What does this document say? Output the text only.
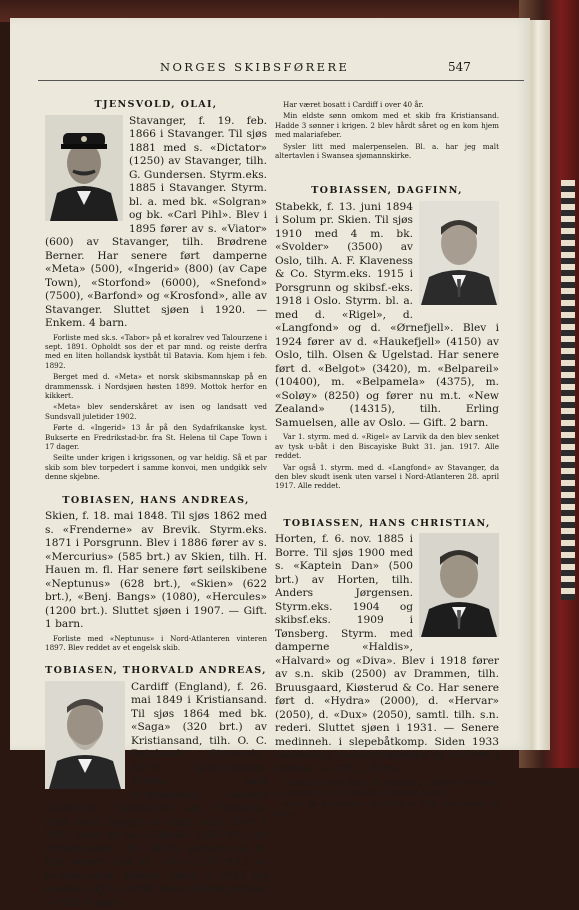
NORGES SKIBSFØRERE	547
TJENSVOLD, OLAI,

Stavanger, f. 19. feb. 1866 i Stavanger. Til sjøs 1881 med s. «Dictator» (1250) av Stavanger, tilh. G. Gundersen. Styrm.eks. 1885 i Stavanger. Styrm. bl. a. med bk. «Solgran» og bk. «Carl Pihl». Blev i 1895 fører av s. «Viator» (600) av Stavanger, tilh. Brødrene Berner. Har senere ført damperne «Meta» (500), «Ingerid» (800) (av Cape Town), «Storfond» (6000), «Snefond» (7500), «Barfond» og «Krosfond», alle av Stavanger. Sluttet sjøen i 1920. — Enkem. 4 barn.

Forliste med sk.s. «Tabor» på et koralrev ved Talourzene i sept. 1891. Opholdt sos der et par mnd. og reiste derfra med en liten hollandsk kystbåt til Batavia. Kom hjem i feb. 1892.

Berget med d. «Meta» et norsk skibsmannskap på en drammenssk. i Nordsjøen høsten 1899. Mottok herfor en kikkert.

«Meta» blev senderskåret av isen og landsatt ved Sundsvall juletider 1902.

Førte d. «Ingerid» 13 år på den Sydafrikanske kyst. Bukserte en Fredrikstad-br. fra St. Helena til Cape Town i 17 dager.

Seilte under krigen i krigssonen, og var heldig. Så et par skib som blev torpedert i samme konvoi, men undgikk selv denne skjebne.

TOBIASEN, HANS ANDREAS,

Skien, f. 18. mai 1848. Til sjøs 1862 med s. «Frenderne» av Brevik. Styrm.eks. 1871 i Porsgrunn. Blev i 1886 fører av s. «Mercurius» (585 brt.) av Skien, tilh. H. Hauen m. fl. Har senere ført seilskibene «Neptunus» (628 brt.), «Skien» (622 brt.), «Benj. Bangs» (1080), «Hercules» (1200 brt.). Sluttet sjøen i 1907. — Gift. 1 barn.

Forliste med «Neptunus» i Nord-Atlanteren vinteren 1897. Blev reddet av et engelsk skib.

TOBIASEN, THORVALD ANDREAS,

Cardiff (England), f. 26. mai 1849 i Kristiansand. Til sjøs 1864 med bk. «Saga» (320 brt.) av Kristiansand, tilh. O. C. Reinhardt. Styrm.eks. 1870 i Kristiansand. Styrm. med Kristiansand, skibene «Halfdan», «Jernbyrd» og «Torisdal» (den siste bygget av ham selv). Blev i 1881 fører av sk. «Skjold» (203 brt.) av Kristiansand, tilh. Petter Johnsen m. fl. Har senere ført bk. «Ida» (330 brt.) av Kristiansand. Sluttet sjøen i 1893 og bosatte sig i Cardiff som skibsreparatør. — Gift. 9 barn.

Har været bosatt i Cardiff i over 40 år.

Min eldste sønn omkom med et skib fra Kristiansand. Hadde 3 sønner i krigen. 2 blev hårdt såret og en kom hjem med malariafeber.

Sysler litt med malerpenselen. Bl. a. har jeg malt altertavlen i Swansea sjømannskirke.

TOBIASSEN, DAGFINN,

Stabekk, f. 13. juni 1894 i Solum pr. Skien. Til sjøs 1910 med 4 m. bk. «Svolder» (3500) av Oslo, tilh. A. F. Klaveness & Co. Styrm.eks. 1915 i Porsgrunn og skibsf.-eks. 1918 i Oslo. Styrm. bl. a. med d. «Rigel», d. «Langfond» og d. «Ørnefjell». Blev i 1924 fører av d. «Haukefjell» (4150) av Oslo, tilh. Olsen & Ugelstad. Har senere ført d. «Belgot» (3420), m. «Belpareil» (10400), m. «Belpamela» (4375), m. «Soløy» (8250) og fører nu m.t. «New Zealand» (14315), tilh. Erling Samuelsen, alle av Oslo. — Gift. 2 barn.

Var 1. styrm. med d. «Rigel» av Larvik da den blev senket av tysk u-båt i den Biscayiske Bukt 31. jan. 1917. Alle reddet.

Var også 1. styrm. med d. «Langfond» av Stavanger, da den blev skudt isenk uten varsel i Nord-Atlanteren 28. april 1917. Alle reddet.

TOBIASSEN, HANS CHRISTIAN,

Horten, f. 6. nov. 1885 i Borre. Til sjøs 1900 med s. «Kaptein Dan» (500 brt.) av Horten, tilh. Anders Jørgensen. Styrm.eks. 1904 og skibsf.eks. 1909 i Tønsberg. Styrm. med damperne «Haldis», «Halvard» og «Diva». Blev i 1918 fører av s.n. skib (2500) av Drammen, tilh. Bruusgaard, Kiøsterud & Co. Har senere ført d. «Hydra» (2000), d. «Hervar» (2050), d. «Dux» (2050), samtl. tilh. s.n. rederi. Sluttet sjøen i 1931. — Senere medinneh. i slepebåtkomp. Siden 1933 havnefogd, mønstringsmann og losform. i Horten. — Gift. 2 barn.

Mottatt gullur og kjede fra assuranse. «Vidar» for redning av d. «Hydra 2», grunnstøtt på Anglicia Shoal.

Seilte på Kina-kysten fra 1909 til 1931 som styrm. og fører.
